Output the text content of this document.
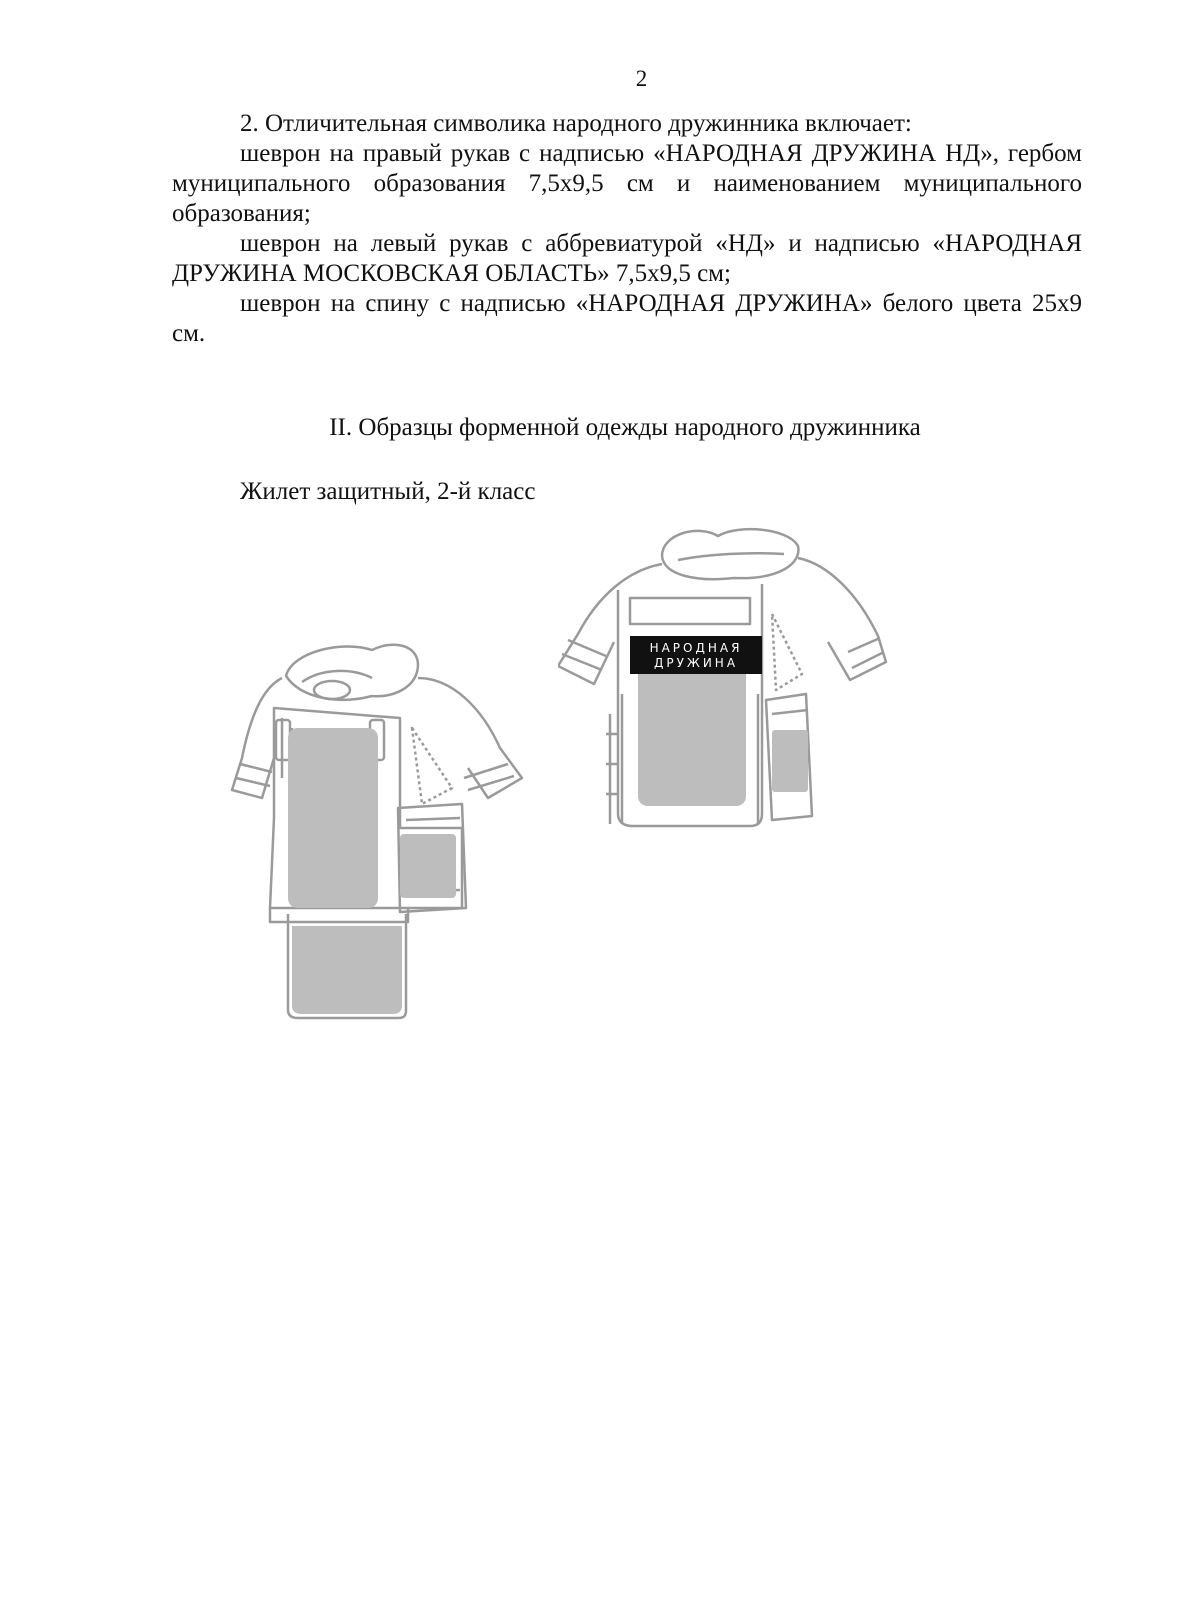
2

2. Отличительная символика народного дружинника включает:

шеврон на правый рукав с надписью «НАРОДНАЯ ДРУЖИНА НД», гербом муниципального образования 7,5х9,5 см и наименованием муниципального образования;

шеврон на левый рукав с аббревиатурой «НД» и надписью «НАРОДНАЯ ДРУЖИНА МОСКОВСКАЯ ОБЛАСТЬ» 7,5х9,5 см;

шеврон на спину с надписью «НАРОДНАЯ ДРУЖИНА» белого цвета 25х9 см.

II. Образцы форменной одежды народного дружинника
Жилет защитный, 2-й класс
НАРОДНАЯ
ДРУЖИНА
